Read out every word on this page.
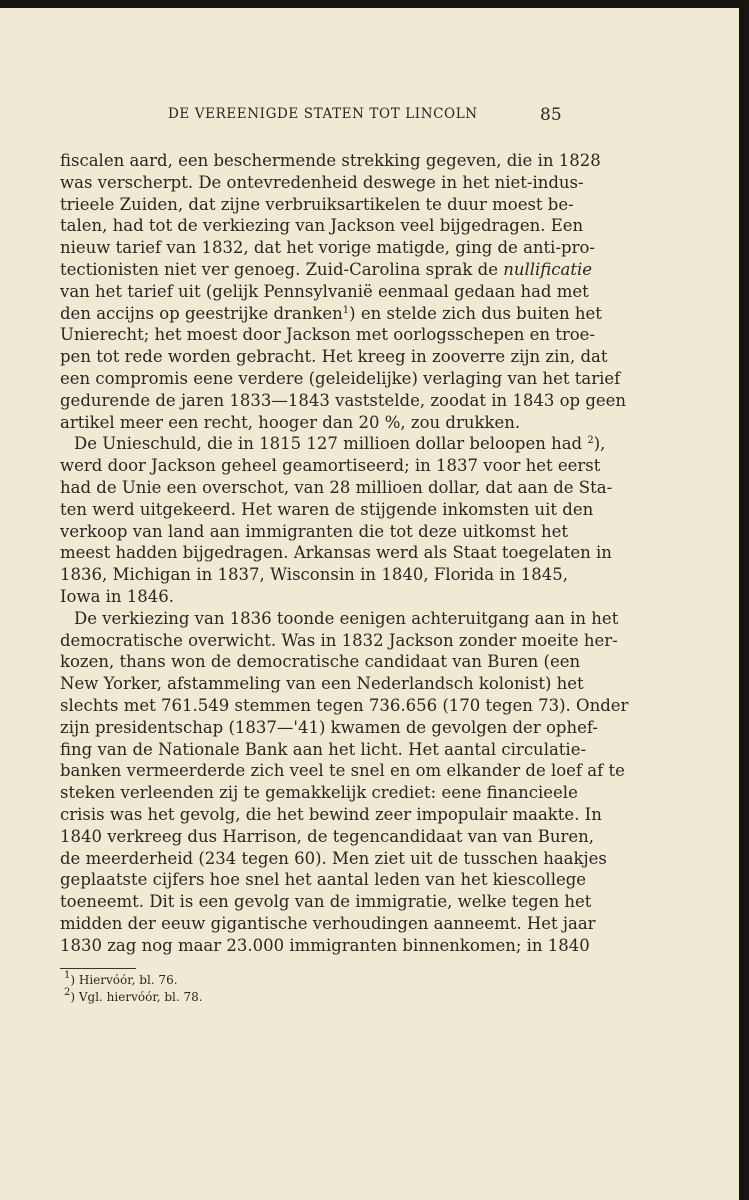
DE VEREENIGDE STATEN TOT LINCOLN	85
fiscalen aard, een beschermende strekking gegeven, die in 1828
was verscherpt. De ontevredenheid deswege in het niet-indus-
trieele Zuiden, dat zijne verbruiksartikelen te duur moest be-
talen, had tot de verkiezing van Jackson veel bijgedragen. Een
nieuw tarief van 1832, dat het vorige matigde, ging de anti-pro-
tectionisten niet ver genoeg. Zuid-Carolina sprak de nullificatie
van het tarief uit (gelijk Pennsylvanië eenmaal gedaan had met
den accijns op geestrijke dranken$^1$) en stelde zich dus buiten het
Unierecht; het moest door Jackson met oorlogsschepen en troe-
pen tot rede worden gebracht. Het kreeg in zooverre zijn zin, dat
een compromis eene verdere (geleidelijke) verlaging van het tarief
gedurende de jaren 1833—1843 vaststelde, zoodat in 1843 op geen
artikel meer een recht, hooger dan 20 %, zou drukken.
De Unieschuld, die in 1815 127 millioen dollar beloopen had $^2$),
werd door Jackson geheel geamortiseerd; in 1837 voor het eerst
had de Unie een overschot, van 28 millioen dollar, dat aan de Sta-
ten werd uitgekeerd. Het waren de stijgende inkomsten uit den
verkoop van land aan immigranten die tot deze uitkomst het
meest hadden bijgedragen. Arkansas werd als Staat toegelaten in
1836, Michigan in 1837, Wisconsin in 1840, Florida in 1845,
Iowa in 1846.
De verkiezing van 1836 toonde eenigen achteruitgang aan in het
democratische overwicht. Was in 1832 Jackson zonder moeite her-
kozen, thans won de democratische candidaat van Buren (een
New Yorker, afstammeling van een Nederlandsch kolonist) het
slechts met 761.549 stemmen tegen 736.656 (170 tegen 73). Onder
zijn presidentschap (1837—'41) kwamen de gevolgen der ophef-
fing van de Nationale Bank aan het licht. Het aantal circulatie-
banken vermeerderde zich veel te snel en om elkander de loef af te
steken verleenden zij te gemakkelijk crediet: eene financieele
crisis was het gevolg, die het bewind zeer impopulair maakte. In
1840 verkreeg dus Harrison, de tegencandidaat van van Buren,
de meerderheid (234 tegen 60). Men ziet uit de tusschen haakjes
geplaatste cijfers hoe snel het aantal leden van het kiescollege
toeneemt. Dit is een gevolg van de immigratie, welke tegen het
midden der eeuw gigantische verhoudingen aanneemt. Het jaar
1830 zag nog maar 23.000 immigranten binnenkomen; in 1840
$^1$) Hiervóór, bl. 76.
$^2$) Vgl. hiervóór, bl. 78.
